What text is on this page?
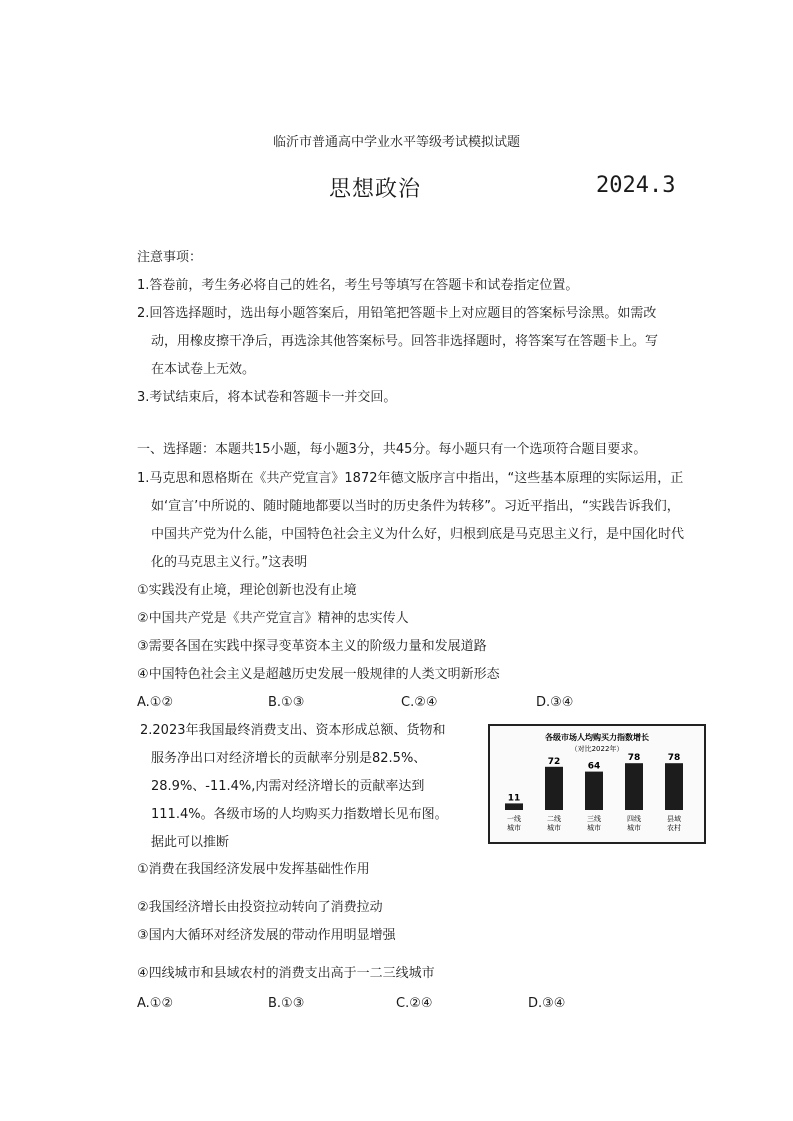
临沂市普通高中学业水平等级考试模拟试题
思想政治	2024.3
注意事项：
1.答卷前，考生务必将自己的姓名，考生号等填写在答题卡和试卷指定位置。
2.回答选择题时，选出每小题答案后，用铅笔把答题卡上对应题目的答案标号涂黑。如需改
动，用橡皮擦干净后，再选涂其他答案标号。回答非选择题时，将答案写在答题卡上。写
在本试卷上无效。
3.考试结束后，将本试卷和答题卡一并交回。
一、选择题：本题共15小题，每小题3分，共45分。每小题只有一个选项符合题目要求。
1.马克思和恩格斯在《共产党宣言》1872年德文版序言中指出，“这些基本原理的实际运用，正
如‘宣言’中所说的、随时随地都要以当时的历史条件为转移”。习近平指出，“实践告诉我们，
中国共产党为什么能，中国特色社会主义为什么好，归根到底是马克思主义行，是中国化时代
化的马克思主义行。”这表明
①实践没有止境，理论创新也没有止境
②中国共产党是《共产党宣言》精神的忠实传人
③需要各国在实践中探寻变革资本主义的阶级力量和发展道路
④中国特色社会主义是超越历史发展一般规律的人类文明新形态
A.①②	B.①③	C.②④	D.③④
2.2023年我国最终消费支出、资本形成总额、货物和
服务净出口对经济增长的贡献率分别是82.5%、
28.9%、-11.4%,内需对经济增长的贡献率达到
111.4%。各级市场的人均购买力指数增长见布图。
据此可以推断
各级市场人均购买力指数增长
（对比2022年）
11
一线
城市
72
二线
城市
64
三线
城市
78
四线
城市
78
县域
农村
①消费在我国经济发展中发挥基础性作用
②我国经济增长由投资拉动转向了消费拉动
③国内大循环对经济发展的带动作用明显增强
④四线城市和县域农村的消费支出高于一二三线城市
A.①②	B.①③	C.②④	D.③④
